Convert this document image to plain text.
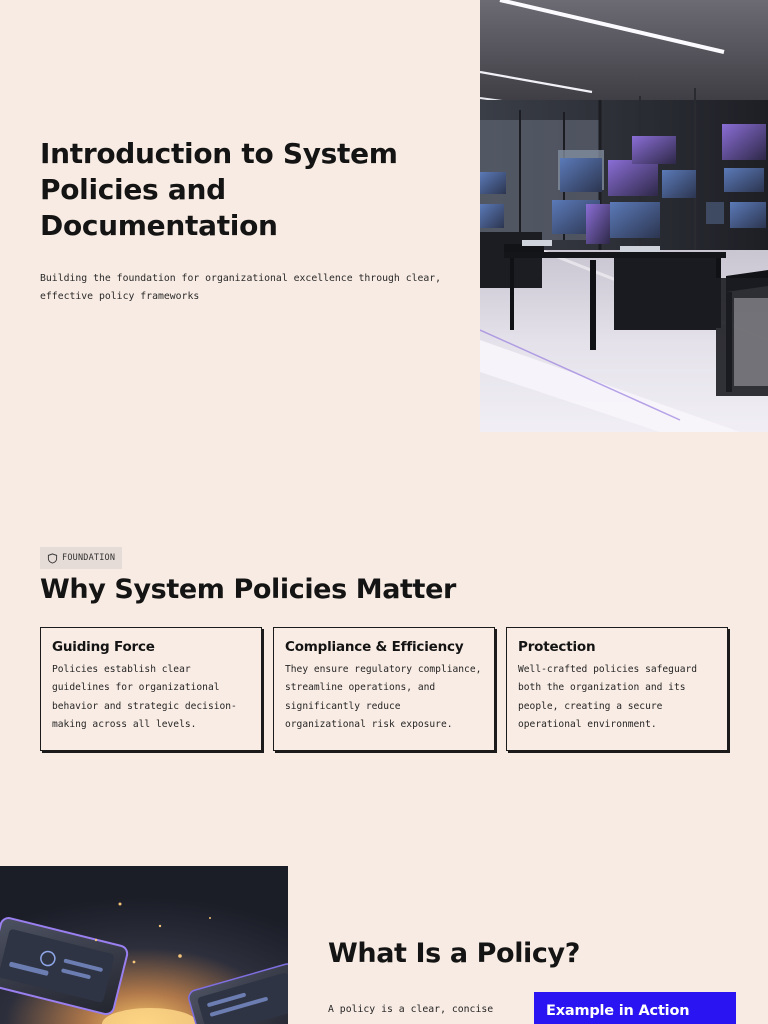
Introduction to System Policies and Documentation

Building the foundation for organizational excellence through clear, effective policy frameworks

FOUNDATION
Why System Policies Matter
Guiding Force
Policies establish clear guidelines for organizational behavior and strategic decision-making across all levels.
Compliance & Efficiency
They ensure regulatory compliance, streamline operations, and significantly reduce organizational risk exposure.
Protection
Well-crafted policies safeguard both the organization and its people, creating a secure operational environment.
What Is a Policy?

A policy is a clear, concise	Example in Action
